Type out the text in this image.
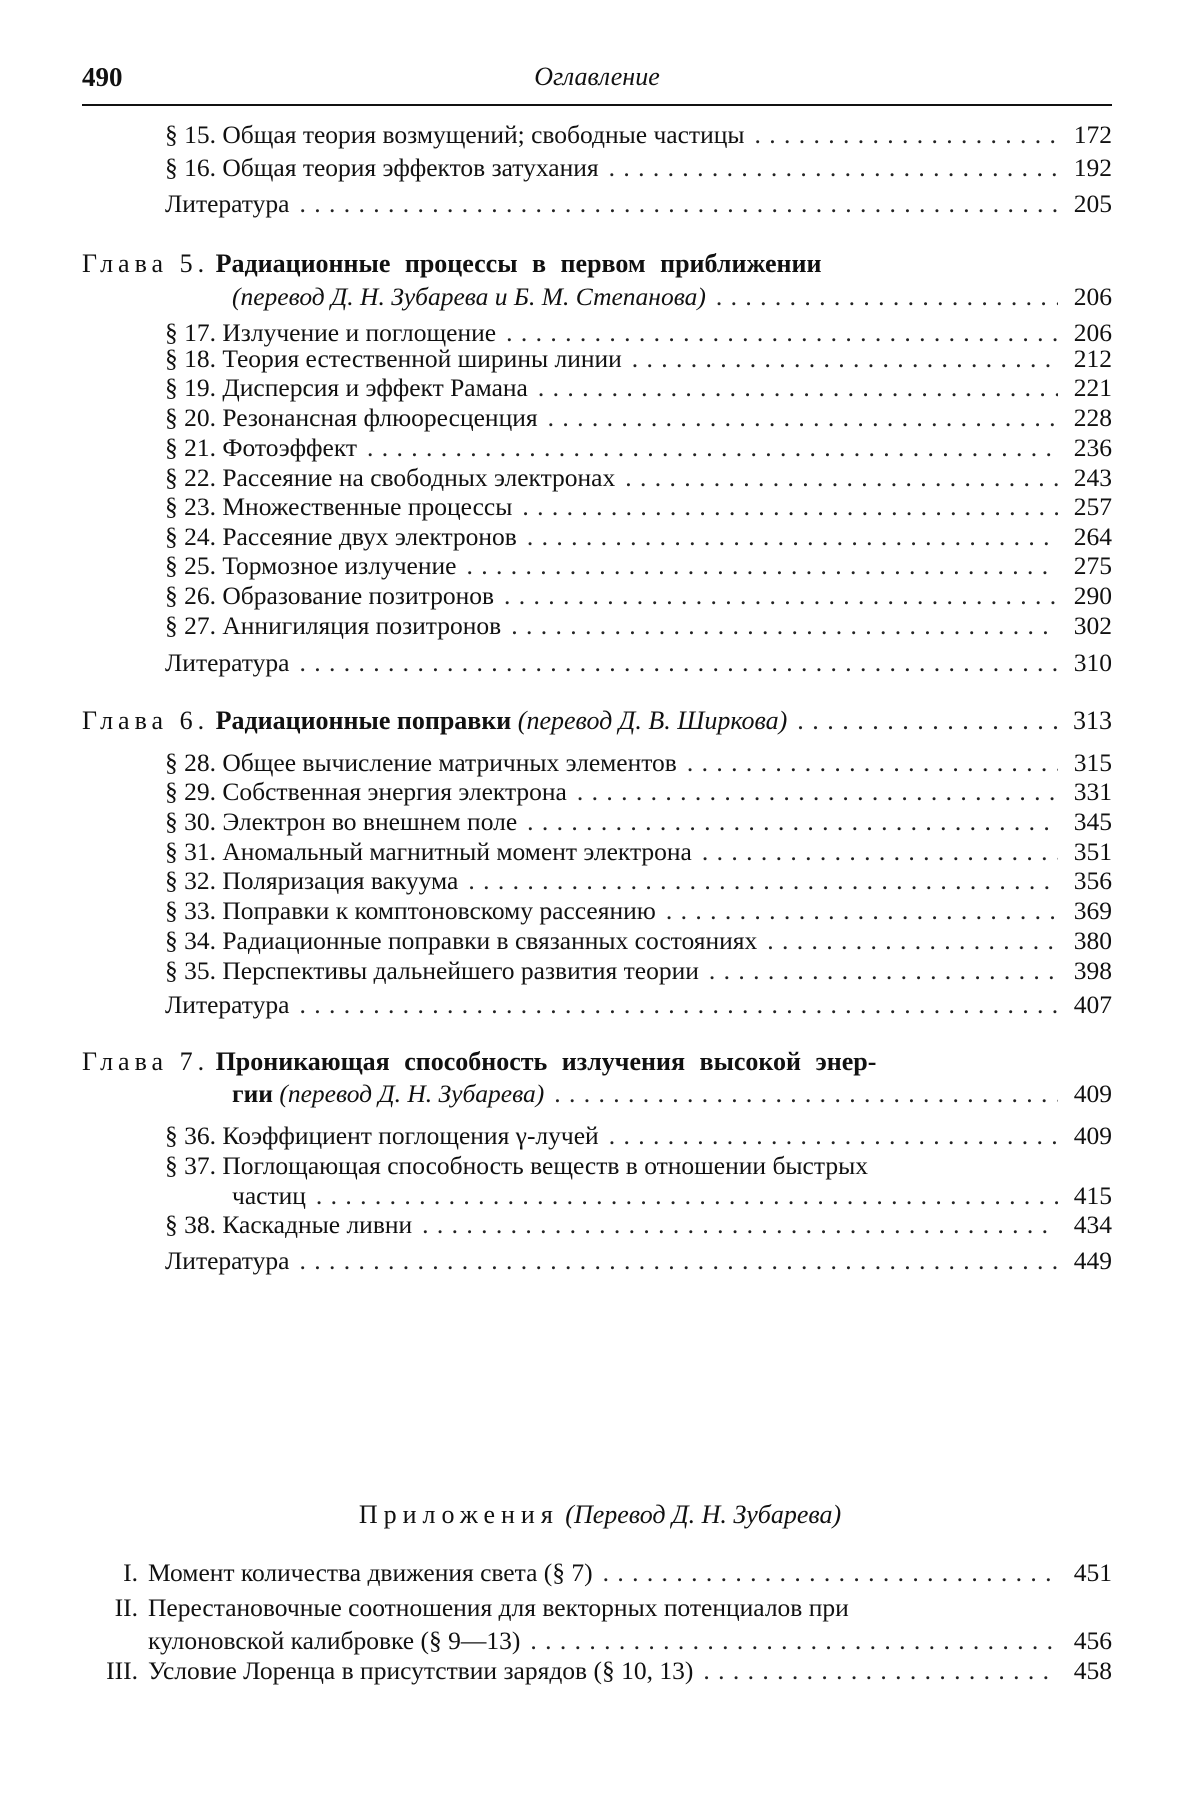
490	Оглавление
§ 15. Общая теория возмущений; свободные частицы . . .	172
§ 16. Общая теория эффектов затухания . . .	192
Литература . . .	205
Глава 5. Радиационные процессы в первом приближении
(перевод Д. Н. Зубарева и Б. М. Степанова) . . .	206
§ 17. Излучение и поглощение . . .	206
§ 18. Теория естественной ширины линии . . .	212
§ 19. Дисперсия и эффект Рамана . . .	221
§ 20. Резонансная флюоресценция . . .	228
§ 21. Фотоэффект . . .	236
§ 22. Рассеяние на свободных электронах . . .	243
§ 23. Множественные процессы . . .	257
§ 24. Рассеяние двух электронов . . .	264
§ 25. Тормозное излучение . . .	275
§ 26. Образование позитронов . . .	290
§ 27. Аннигиляция позитронов . . .	302
Литература . . .	310
Глава 6. Радиационные поправки (перевод Д. В. Ширкова) . . .	313
§ 28. Общее вычисление матричных элементов . . .	315
§ 29. Собственная энергия электрона . . .	331
§ 30. Электрон во внешнем поле . . .	345
§ 31. Аномальный магнитный момент электрона . . .	351
§ 32. Поляризация вакуума . . .	356
§ 33. Поправки к комптоновскому рассеянию . . .	369
§ 34. Радиационные поправки в связанных состояниях . . .	380
§ 35. Перспективы дальнейшего развития теории . . .	398
Литература . . .	407
Глава 7. Проникающая способность излучения высокой энер-
гии (перевод Д. Н. Зубарева) . . .	409
§ 36. Коэффициент поглощения γ-лучей . . .	409
§ 37. Поглощающая способность веществ в отношении быстрых
частиц . . .	415
§ 38. Каскадные ливни . . .	434
Литература . . .	449
Приложения (Перевод Д. Н. Зубарева)
I. Момент количества движения света (§ 7) . . .	451
II. Перестановочные соотношения для векторных потенциалов при
кулоновской калибровке (§ 9—13) . . .	456
III. Условие Лоренца в присутствии зарядов (§ 10, 13) . . .	458
